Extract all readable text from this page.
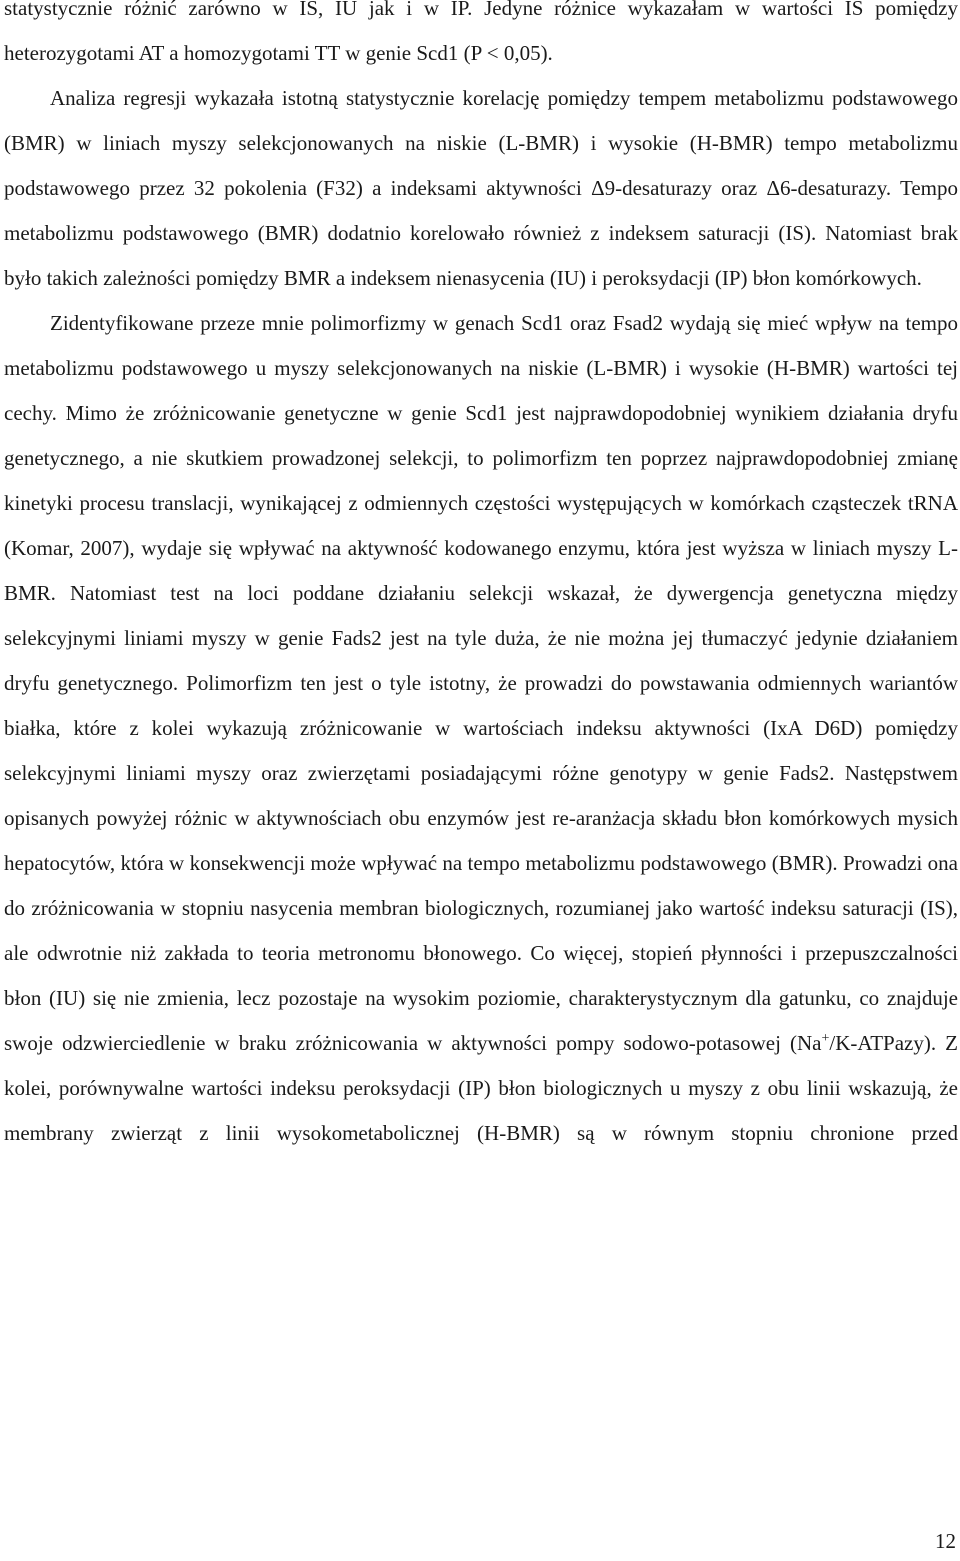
statystycznie różnić zarówno w IS, IU jak i w IP. Jedyne różnice wykazałam w wartości IS pomiędzy heterozygotami AT a homozygotami TT w genie Scd1 (P < 0,05).

Analiza regresji wykazała istotną statystycznie korelację pomiędzy tempem metabolizmu podstawowego (BMR) w liniach myszy selekcjonowanych na niskie (L-BMR) i wysokie (H-BMR) tempo metabolizmu podstawowego przez 32 pokolenia (F32) a indeksami aktywności Δ9-desaturazy oraz Δ6-desaturazy. Tempo metabolizmu podstawowego (BMR) dodatnio korelowało również z indeksem saturacji (IS). Natomiast brak było takich zależności pomiędzy BMR a indeksem nienasycenia (IU) i peroksydacji (IP) błon komórkowych.

Zidentyfikowane przeze mnie polimorfizmy w genach Scd1 oraz Fsad2 wydają się mieć wpływ na tempo metabolizmu podstawowego u myszy selekcjonowanych na niskie (L-BMR) i wysokie (H-BMR) wartości tej cechy. Mimo że zróżnicowanie genetyczne w genie Scd1 jest najprawdopodobniej wynikiem działania dryfu genetycznego, a nie skutkiem prowadzonej selekcji, to polimorfizm ten poprzez najprawdopodobniej zmianę kinetyki procesu translacji, wynikającej z odmiennych częstości występujących w komórkach cząsteczek tRNA (Komar, 2007), wydaje się wpływać na aktywność kodowanego enzymu, która jest wyższa w liniach myszy L-BMR. Natomiast test na loci poddane działaniu selekcji wskazał, że dywergencja genetyczna między selekcyjnymi liniami myszy w genie Fads2 jest na tyle duża, że nie można jej tłumaczyć jedynie działaniem dryfu genetycznego. Polimorfizm ten jest o tyle istotny, że prowadzi do powstawania odmiennych wariantów białka, które z kolei wykazują zróżnicowanie w wartościach indeksu aktywności (IxA D6D) pomiędzy selekcyjnymi liniami myszy oraz zwierzętami posiadającymi różne genotypy w genie Fads2. Następstwem opisanych powyżej różnic w aktywnościach obu enzymów jest re-aranżacja składu błon komórkowych mysich hepatocytów, która w konsekwencji może wpływać na tempo metabolizmu podstawowego (BMR). Prowadzi ona do zróżnicowania w stopniu nasycenia membran biologicznych, rozumianej jako wartość indeksu saturacji (IS), ale odwrotnie niż zakłada to teoria metronomu błonowego. Co więcej, stopień płynności i przepuszczalności błon (IU) się nie zmienia, lecz pozostaje na wysokim poziomie, charakterystycznym dla gatunku, co znajduje swoje odzwierciedlenie w braku zróżnicowania w aktywności pompy sodowo-potasowej (Na+/K-ATPazy). Z kolei, porównywalne wartości indeksu peroksydacji (IP) błon biologicznych u myszy z obu linii wskazują, że membrany zwierząt z linii wysokometabolicznej (H-BMR) są w równym stopniu chronione przed

12
